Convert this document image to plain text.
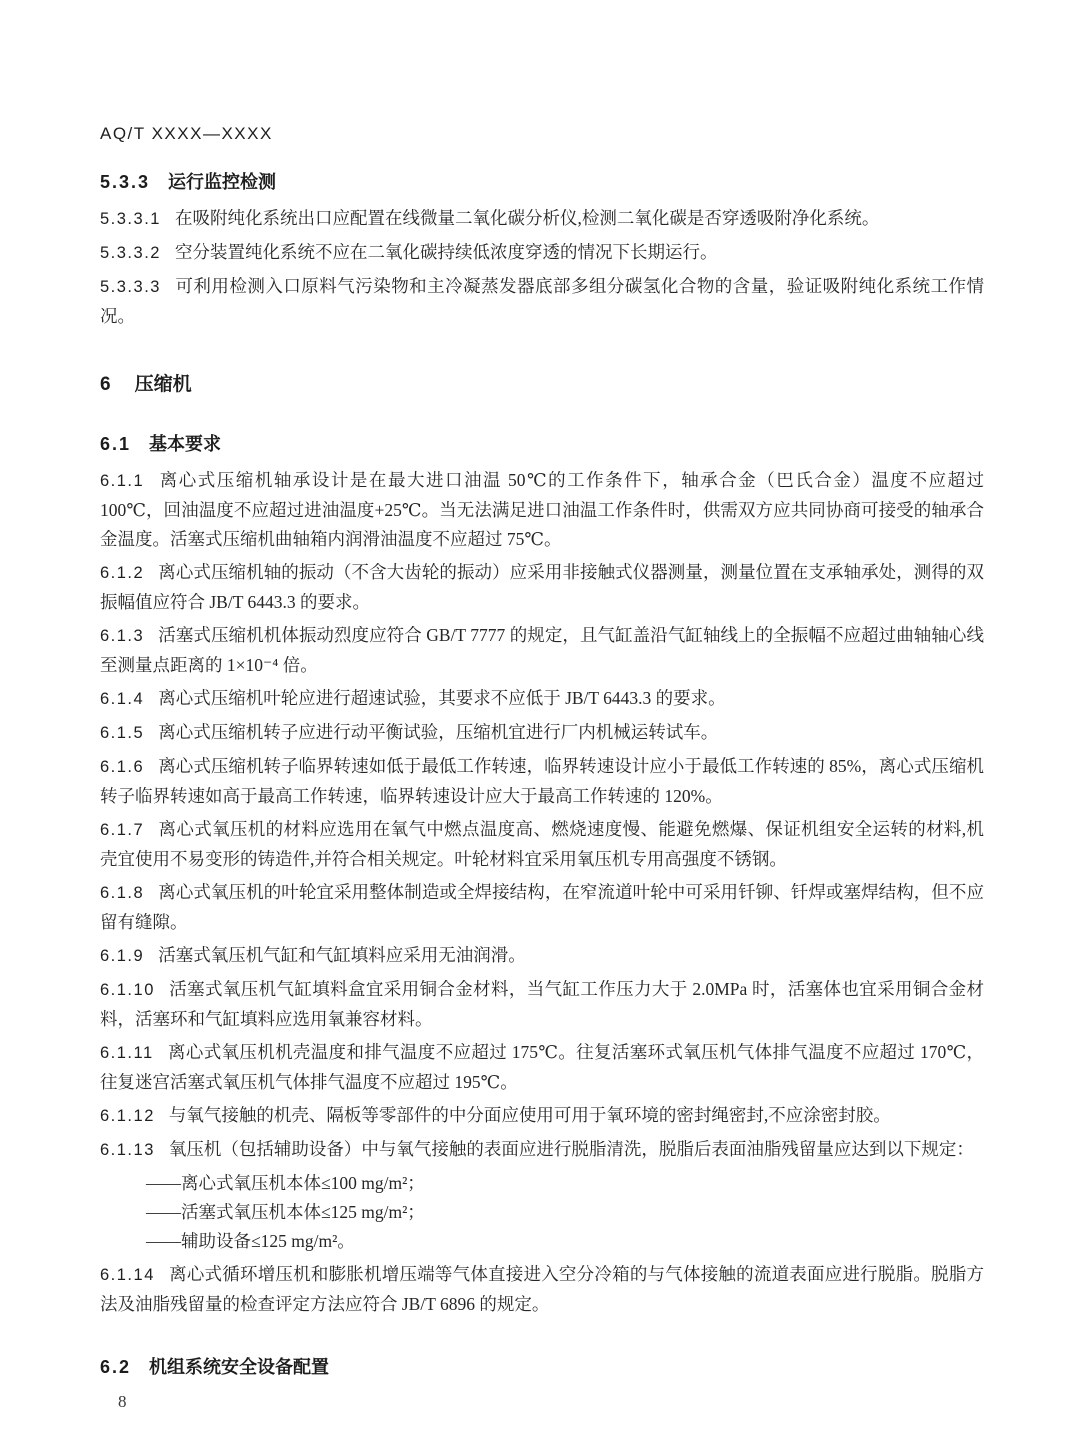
AQ/T XXXX—XXXX
5.3.3 运行监控检测
5.3.3.1 在吸附纯化系统出口应配置在线微量二氧化碳分析仪,检测二氧化碳是否穿透吸附净化系统。
5.3.3.2 空分装置纯化系统不应在二氧化碳持续低浓度穿透的情况下长期运行。
5.3.3.3 可利用检测入口原料气污染物和主冷凝蒸发器底部多组分碳氢化合物的含量，验证吸附纯化系统工作情况。
6 压缩机
6.1 基本要求
6.1.1 离心式压缩机轴承设计是在最大进口油温 50℃的工作条件下，轴承合金（巴氏合金）温度不应超过 100℃，回油温度不应超过进油温度+25℃。当无法满足进口油温工作条件时，供需双方应共同协商可接受的轴承合金温度。活塞式压缩机曲轴箱内润滑油温度不应超过 75℃。
6.1.2 离心式压缩机轴的振动（不含大齿轮的振动）应采用非接触式仪器测量，测量位置在支承轴承处，测得的双振幅值应符合 JB/T 6443.3 的要求。
6.1.3 活塞式压缩机机体振动烈度应符合 GB/T 7777 的规定，且气缸盖沿气缸轴线上的全振幅不应超过曲轴轴心线至测量点距离的 1×10⁻⁴ 倍。
6.1.4 离心式压缩机叶轮应进行超速试验，其要求不应低于 JB/T 6443.3 的要求。
6.1.5 离心式压缩机转子应进行动平衡试验，压缩机宜进行厂内机械运转试车。
6.1.6 离心式压缩机转子临界转速如低于最低工作转速，临界转速设计应小于最低工作转速的 85%，离心式压缩机转子临界转速如高于最高工作转速，临界转速设计应大于最高工作转速的 120%。
6.1.7 离心式氧压机的材料应选用在氧气中燃点温度高、燃烧速度慢、能避免燃爆、保证机组安全运转的材料,机壳宜使用不易变形的铸造件,并符合相关规定。叶轮材料宜采用氧压机专用高强度不锈钢。
6.1.8 离心式氧压机的叶轮宜采用整体制造或全焊接结构，在窄流道叶轮中可采用钎铆、钎焊或塞焊结构，但不应留有缝隙。
6.1.9 活塞式氧压机气缸和气缸填料应采用无油润滑。
6.1.10 活塞式氧压机气缸填料盒宜采用铜合金材料，当气缸工作压力大于 2.0MPa 时，活塞体也宜采用铜合金材料，活塞环和气缸填料应选用氧兼容材料。
6.1.11 离心式氧压机机壳温度和排气温度不应超过 175℃。往复活塞环式氧压机气体排气温度不应超过 170℃，往复迷宫活塞式氧压机气体排气温度不应超过 195℃。
6.1.12 与氧气接触的机壳、隔板等零部件的中分面应使用可用于氧环境的密封绳密封,不应涂密封胶。
6.1.13 氧压机（包括辅助设备）中与氧气接触的表面应进行脱脂清洗，脱脂后表面油脂残留量应达到以下规定：
——离心式氧压机本体≤100 mg/m²；
——活塞式氧压机本体≤125 mg/m²；
——辅助设备≤125 mg/m²。
6.1.14 离心式循环增压机和膨胀机增压端等气体直接进入空分冷箱的与气体接触的流道表面应进行脱脂。脱脂方法及油脂残留量的检查评定方法应符合 JB/T 6896 的规定。
6.2 机组系统安全设备配置
8
